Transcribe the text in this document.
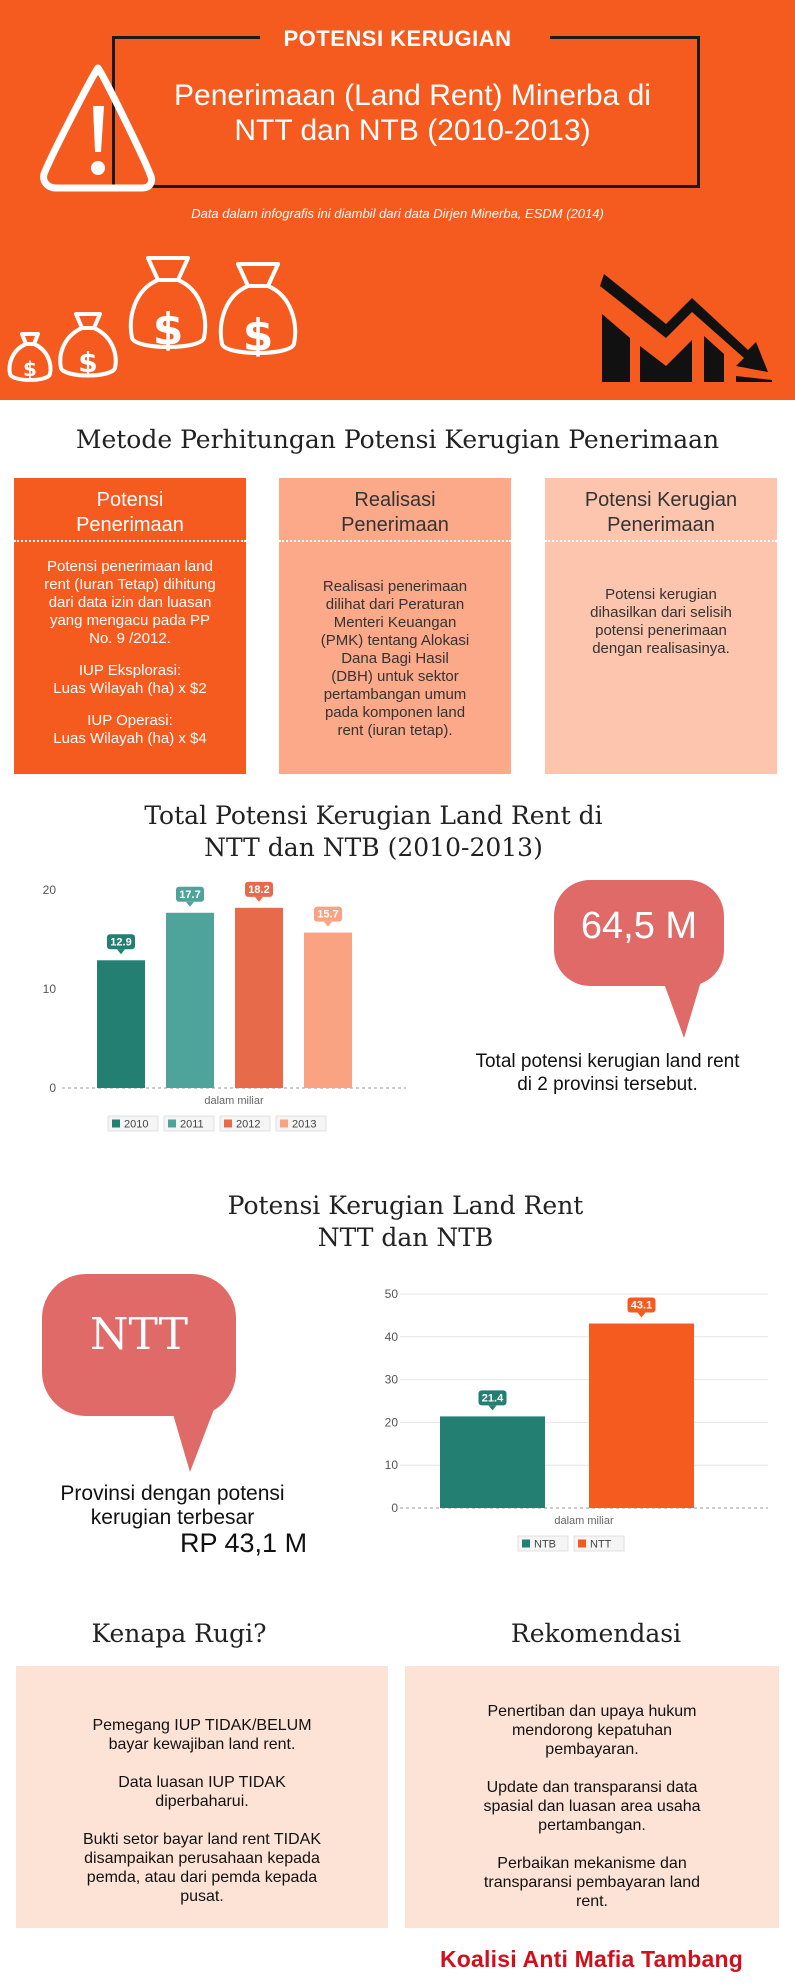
POTENSI KERUGIAN
Penerimaan (Land Rent) Minerba di
NTT dan NTB (2010-2013)
Data dalam infografis ini diambil dari data Dirjen Minerba, ESDM (2014)
$ $
$ $
Metode Perhitungan Potensi Kerugian Penerimaan
Potensi
Penerimaan
Potensi penerimaan land
rent (Iuran Tetap) dihitung
dari data izin dan luasan
yang mengacu pada PP
No. 9 /2012.
IUP Eksplorasi:
Luas Wilayah (ha) x $2
IUP Operasi:
Luas Wilayah (ha) x $4
Realisasi
Penerimaan
Realisasi penerimaan
dilihat dari Peraturan
Menteri Keuangan
(PMK) tentang Alokasi
Dana Bagi Hasil
(DBH) untuk sektor
pertambangan umum
pada komponen land
rent (iuran tetap).
Potensi Kerugian
Penerimaan
Potensi kerugian
dihasilkan dari selisih
potensi penerimaan
dengan realisasinya.
Total Potensi Kerugian Land Rent di
NTT dan NTB (2010-2013)
0
10
20
12.9
17.7	18.2
15.7
dalam miliar
2010	2011	2012	2013
64,5 M
Total potensi kerugian land rent
di 2 provinsi tersebut.
Potensi Kerugian Land Rent
NTT dan NTB
NTT
Provinsi dengan potensi
kerugian terbesar
RP 43,1 M
0
10
20
30
40
50
21.4
43.1
dalam miliar
NTB	NTT
Kenapa Rugi?	Rekomendasi

Pemegang IUP TIDAK/BELUM

bayar kewajiban land rent.

Data luasan IUP TIDAK

diperbaharui.

Bukti setor bayar land rent TIDAK

disampaikan perusahaan kepada

pemda, atau dari pemda kepada

pusat.

Penertiban dan upaya hukum

mendorong kepatuhan

pembayaran.

Update dan transparansi data

spasial dan luasan area usaha

pertambangan.

Perbaikan mekanisme dan

transparansi pembayaran land

rent.

Koalisi Anti Mafia Tambang
